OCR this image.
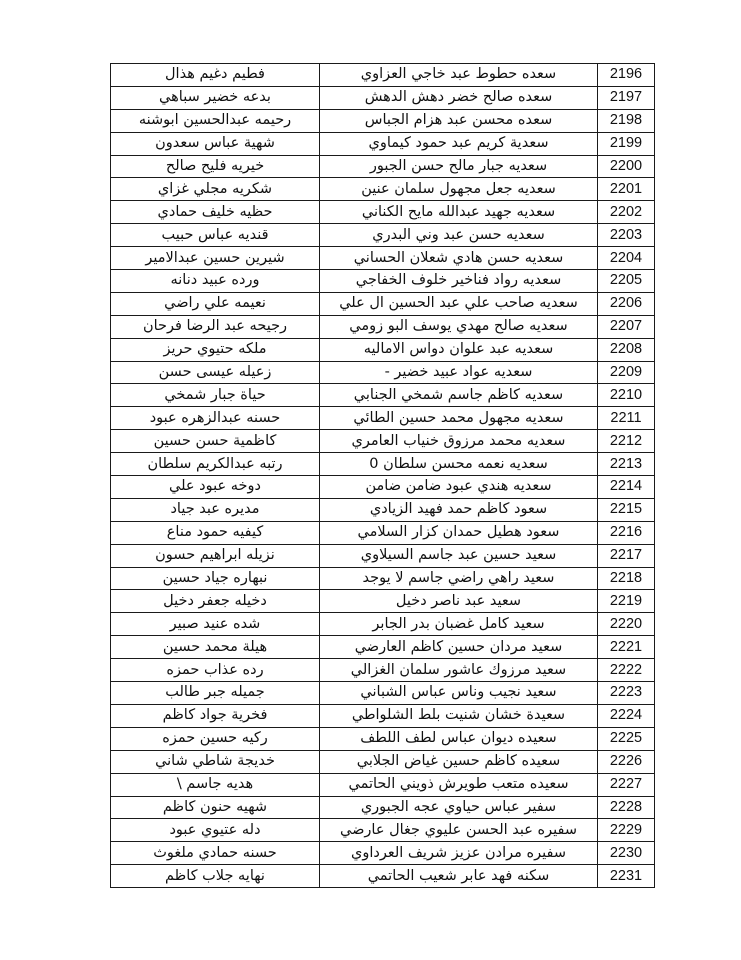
2196	سعده حطوط عبد خاجي العزاوي	فطيم دغيم هذال
2197	سعده صالح خضر دهش الدهش	بدعه خضير سباهي
2198	سعده محسن عبد هزام الجباس	رحيمه عبدالحسين ابوشنه
2199	سعدية كريم عبد حمود كيماوي	شهية عباس سعدون
2200	سعديه جبار مالح حسن الجبور	خيريه فليح صالح
2201	سعديه جعل مجهول سلمان عنين	شكريه مجلي غزاي
2202	سعديه جهيد عبدالله مايح الكناني	حظيه خليف حمادي
2203	سعديه حسن عبد وني البدري	قنديه عباس حبيب
2204	سعديه حسن هادي شعلان الحساني	شيرين حسين عبدالامير
2205	سعديه رواد فناخير خلوف الخفاجي	ورده عبيد دنانه
2206	سعديه صاحب علي عبد الحسين ال علي	نعيمه علي راضي
2207	سعديه صالح مهدي يوسف البو زومي	رجيحه عبد الرضا فرحان
2208	سعديه عبد علوان دواس الاماليه	ملكه حتيوي حريز
2209	سعديه عواد عبيد خضير -	زعيله عيسى حسن
2210	سعديه كاظم جاسم شمخي الجنابي	حياة جبار شمخي
2211	سعديه مجهول محمد حسين الطائي	حسنه عبدالزهره عبود
2212	سعديه محمد مرزوق خنياب العامري	كاظمية حسن حسين
2213	سعديه نعمه محسن سلطان 0	رتبه عبدالكريم سلطان
2214	سعديه هندي عبود ضامن ضامن	دوخه عبود علي
2215	سعود كاظم حمد فهيد الزيادي	مديره عبد جياد
2216	سعود هطيل حمدان كزار السلامي	كيفيه حمود مناع
2217	سعيد حسين عبد جاسم السيلاوي	نزيله ابراهيم حسون
2218	سعيد راهي راضي جاسم لا يوجد	نبهاره جياد حسين
2219	سعيد عبد ناصر دخيل	دخيله جعفر دخيل
2220	سعيد كامل غضبان بدر الجابر	شده عنيد صبير
2221	سعيد مردان حسين كاظم العارضي	هيلة محمد حسين
2222	سعيد مرزوك عاشور سلمان الغزالي	رده عذاب حمزه
2223	سعيد نجيب وناس عباس الشباني	جميله جبر طالب
2224	سعيدة خشان شنيت بلط الشلواطي	فخرية جواد كاظم
2225	سعيده ديوان عباس لطف اللطف	ركيه حسين حمزه
2226	سعيده كاظم حسين غياض الجلابي	خديجة شاطي شاني
2227	سعيده متعب طويرش ذويني الحاتمي	هديه جاسم \
2228	سفير عباس حياوي عجه الجبوري	شهيه حنون كاظم
2229	سفيره عبد الحسن عليوي جغال عارضي	دله عتيوي عبود
2230	سفيره مرادن عزيز شريف العرداوي	حسنه حمادي ملغوث
2231	سكنه فهد عابر شعيب الحاتمي	نهايه جلاب كاظم
